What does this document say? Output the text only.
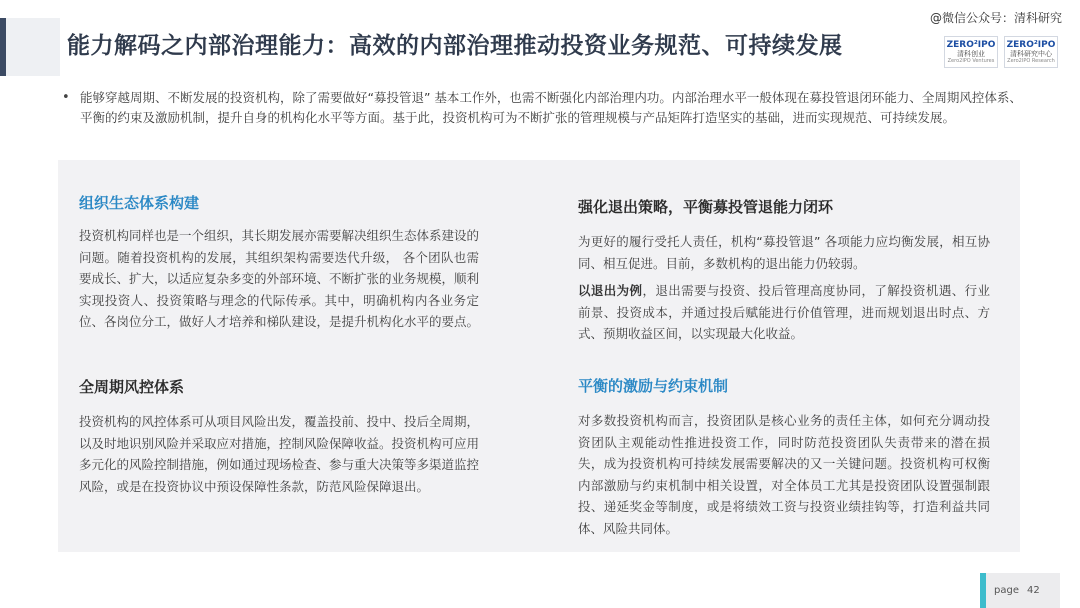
能力解码之内部治理能力：高效的内部治理推动投资业务规范、可持续发展
@微信公众号：清科研究
ZERO²IPO
清科创业
Zero2IPO Ventures
ZERO²IPO
清科研究中心
Zero2IPO Research
• 能够穿越周期、不断发展的投资机构，除了需要做好“募投管退” 基本工作外，也需不断强化内部治理内功。内部治理水平一般体现在募投管退闭环能力、全周期风控体系、平衡的约束及激励机制，提升自身的机构化水平等方面。基于此，投资机构可为不断扩张的管理规模与产品矩阵打造坚实的基础，进而实现规范、可持续发展。
组织生态体系构建
投资机构同样也是一个组织，其长期发展亦需要解决组织生态体系建设的问题。随着投资机构的发展，其组织架构需要迭代升级， 各个团队也需要成长、扩大，以适应复杂多变的外部环境、不断扩张的业务规模，顺利实现投资人、投资策略与理念的代际传承。其中，明确机构内各业务定位、各岗位分工，做好人才培养和梯队建设，是提升机构化水平的要点。
全周期风控体系
投资机构的风控体系可从项目风险出发，覆盖投前、投中、投后全周期，以及时地识别风险并采取应对措施，控制风险保障收益。投资机构可应用多元化的风险控制措施，例如通过现场检查、参与重大决策等多渠道监控风险，或是在投资协议中预设保障性条款，防范风险保障退出。
强化退出策略，平衡募投管退能力闭环
为更好的履行受托人责任，机构“募投管退” 各项能力应均衡发展，相互协同、相互促进。目前，多数机构的退出能力仍较弱。
以退出为例，退出需要与投资、投后管理高度协同，了解投资机遇、行业前景、投资成本，并通过投后赋能进行价值管理，进而规划退出时点、方式、预期收益区间，以实现最大化收益。
平衡的激励与约束机制
对多数投资机构而言，投资团队是核心业务的责任主体，如何充分调动投资团队主观能动性推进投资工作，同时防范投资团队失责带来的潜在损失，成为投资机构可持续发展需要解决的又一关键问题。投资机构可权衡内部激励与约束机制中相关设置，对全体员工尤其是投资团队设置强制跟投、递延奖金等制度，或是将绩效工资与投资业绩挂钩等，打造利益共同体、风险共同体。
page 42
